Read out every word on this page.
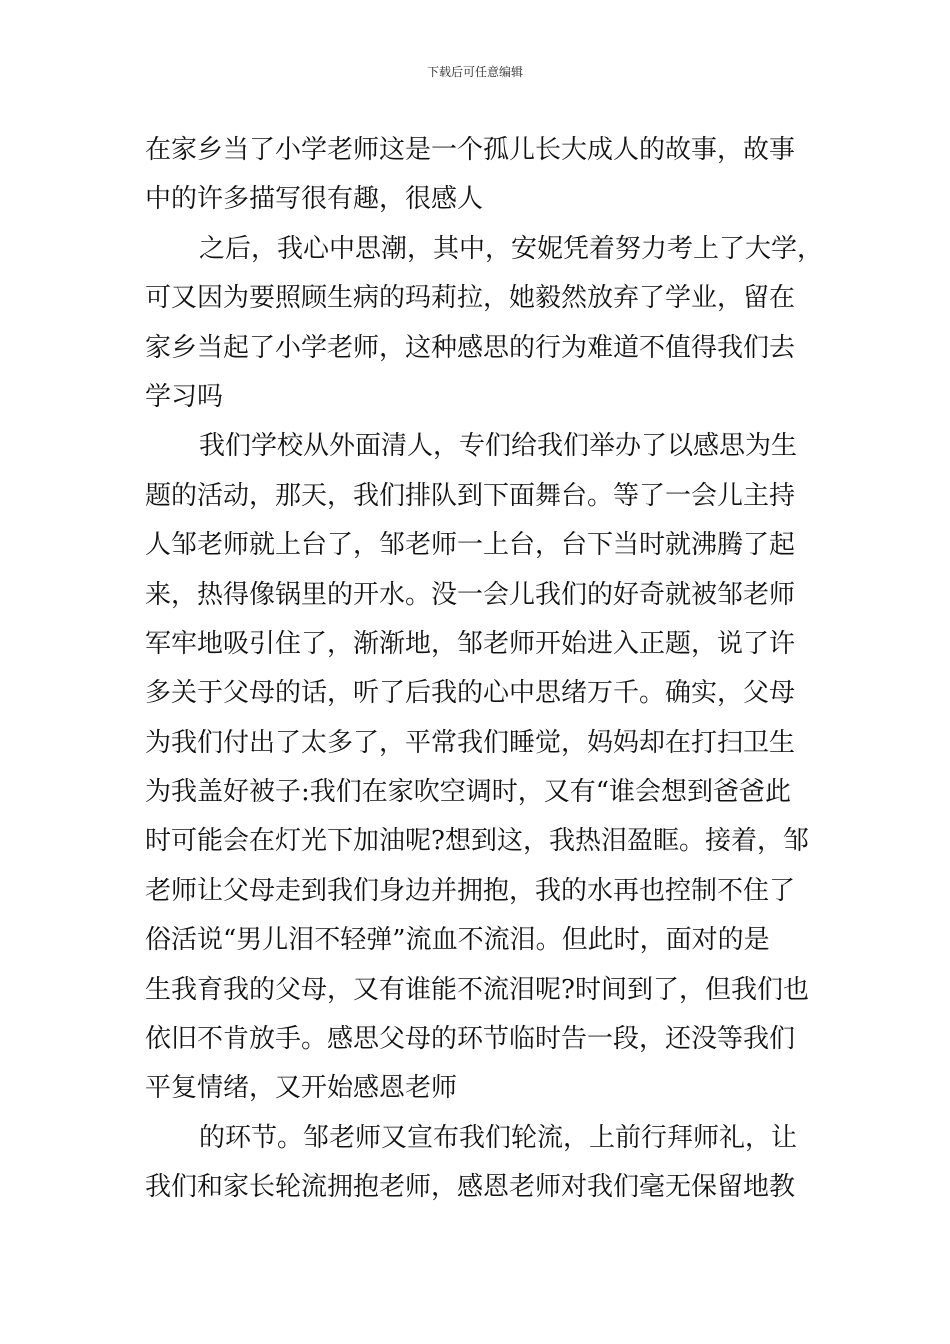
下载后可任意编辑
在家乡当了小学老师这是一个孤儿长大成人的故事，故事
中的许多描写很有趣，很感人
之后，我心中思潮，其中，安妮凭着努力考上了大学，
可又因为要照顾生病的玛莉拉，她毅然放弃了学业，留在
家乡当起了小学老师，这种感思的行为难道不值得我们去
学习吗
我们学校从外面清人，专们给我们举办了以感思为生
题的活动，那天，我们排队到下面舞台。等了一会儿主持
人邹老师就上台了，邹老师一上台，台下当时就沸腾了起
来，热得像锅里的开水。没一会儿我们的好奇就被邹老师
军牢地吸引住了，渐渐地，邹老师开始进入正题，说了许
多关于父母的话，听了后我的心中思绪万千。确实，父母
为我们付出了太多了，平常我们睡觉，妈妈却在打扫卫生
为我盖好被子:我们在家吹空调时，又有“谁会想到爸爸此
时可能会在灯光下加油呢?想到这，我热泪盈眶。接着，邹
老师让父母走到我们身边并拥抱，我的水再也控制不住了
俗活说“男儿泪不轻弹”流血不流泪。但此时，面对的是
生我育我的父母，又有谁能不流泪呢?时间到了，但我们也
依旧不肯放手。感思父母的环节临时告一段，还没等我们
平复情绪，又开始感恩老师
的环节。邹老师又宣布我们轮流，上前行拜师礼，让
我们和家长轮流拥抱老师，感恩老师对我们毫无保留地教
